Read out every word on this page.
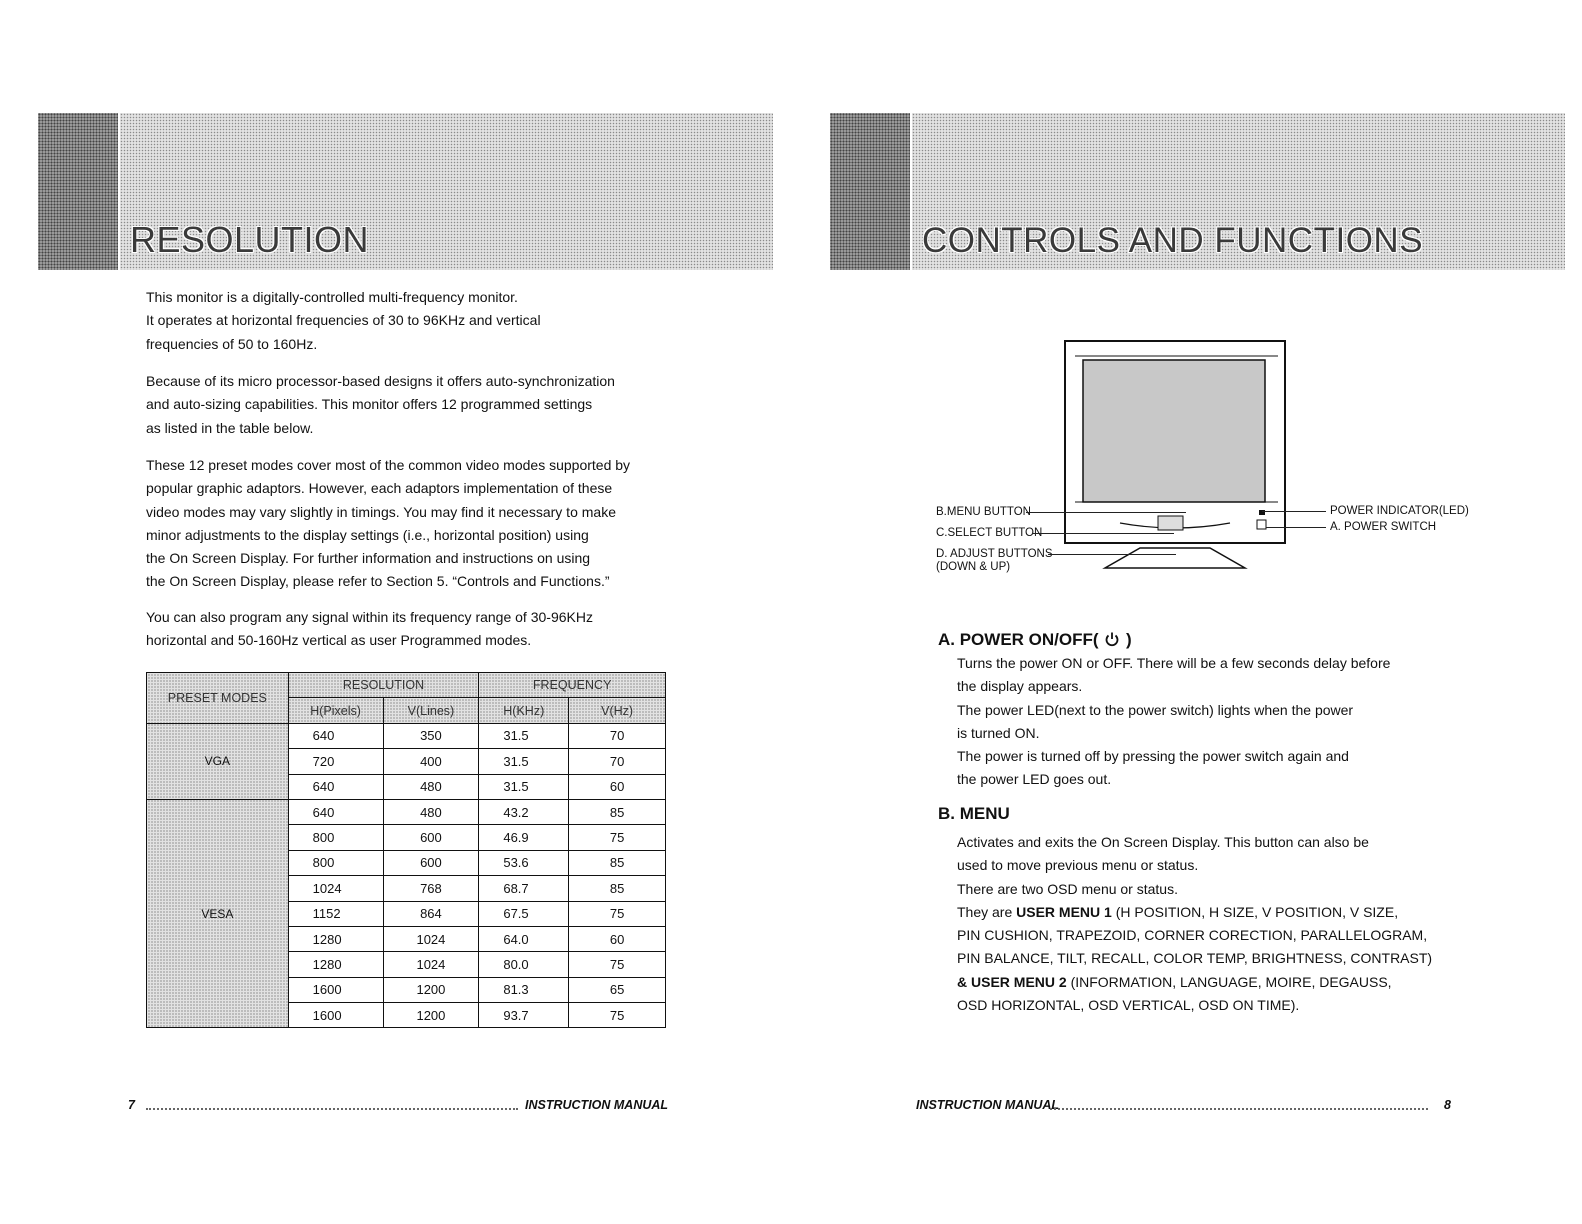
RESOLUTION

This monitor is a digitally-controlled multi-frequency monitor.
It operates at horizontal frequencies of 30 to 96KHz and vertical
frequencies of 50 to 160Hz.

Because of its micro processor-based designs it offers auto-synchronization
and auto-sizing capabilities. This monitor offers 12 programmed settings
as listed in the table below.

These 12 preset modes cover most of the common video modes supported by
popular graphic adaptors. However, each adaptors implementation of these
video modes may vary slightly in timings. You may find it necessary to make
minor adjustments to the display settings (i.e., horizontal position) using
the On Screen Display. For further information and instructions on using
the On Screen Display, please refer to Section 5. “Controls and Functions.”

You can also program any signal within its frequency range of 30-96KHz
horizontal and 50-160Hz vertical as user Programmed modes.

PRESET MODES	RESOLUTION		FREQUENCY	
	H(Pixels)	V(Lines)	H(KHz)	V(Hz)
VGA	640	350	31.5	70
	720	400	31.5	70
	640	480	31.5	60
VESA	640	480	43.2	85
	800	600	46.9	75
	800	600	53.6	85
	1024	768	68.7	85
	1152	864	67.5	75
	1280	1024	64.0	60
	1280	1024	80.0	75
	1600	1200	81.3	65
	1600	1200	93.7	75
7	INSTRUCTION MANUAL
CONTROLS AND FUNCTIONS
B.MENU BUTTON
C.SELECT BUTTON
D. ADJUST BUTTONS
(DOWN & UP)
POWER INDICATOR(LED)
A. POWER SWITCH
A. POWER ON/OFF( )

Turns the power ON or OFF. There will be a few seconds delay before
the display appears.
The power LED(next to the power switch) lights when the power
is turned ON.
The power is turned off by pressing the power switch again and
the power LED goes out.

B. MENU

Activates and exits the On Screen Display. This button can also be
used to move previous menu or status.
There are two OSD menu or status.
They are USER MENU 1 (H POSITION, H SIZE, V POSITION, V SIZE,
PIN CUSHION, TRAPEZOID, CORNER CORECTION, PARALLELOGRAM,
PIN BALANCE, TILT, RECALL, COLOR TEMP, BRIGHTNESS, CONTRAST)
& USER MENU 2 (INFORMATION, LANGUAGE, MOIRE, DEGAUSS,
OSD HORIZONTAL, OSD VERTICAL, OSD ON TIME).

INSTRUCTION MANUAL	8
